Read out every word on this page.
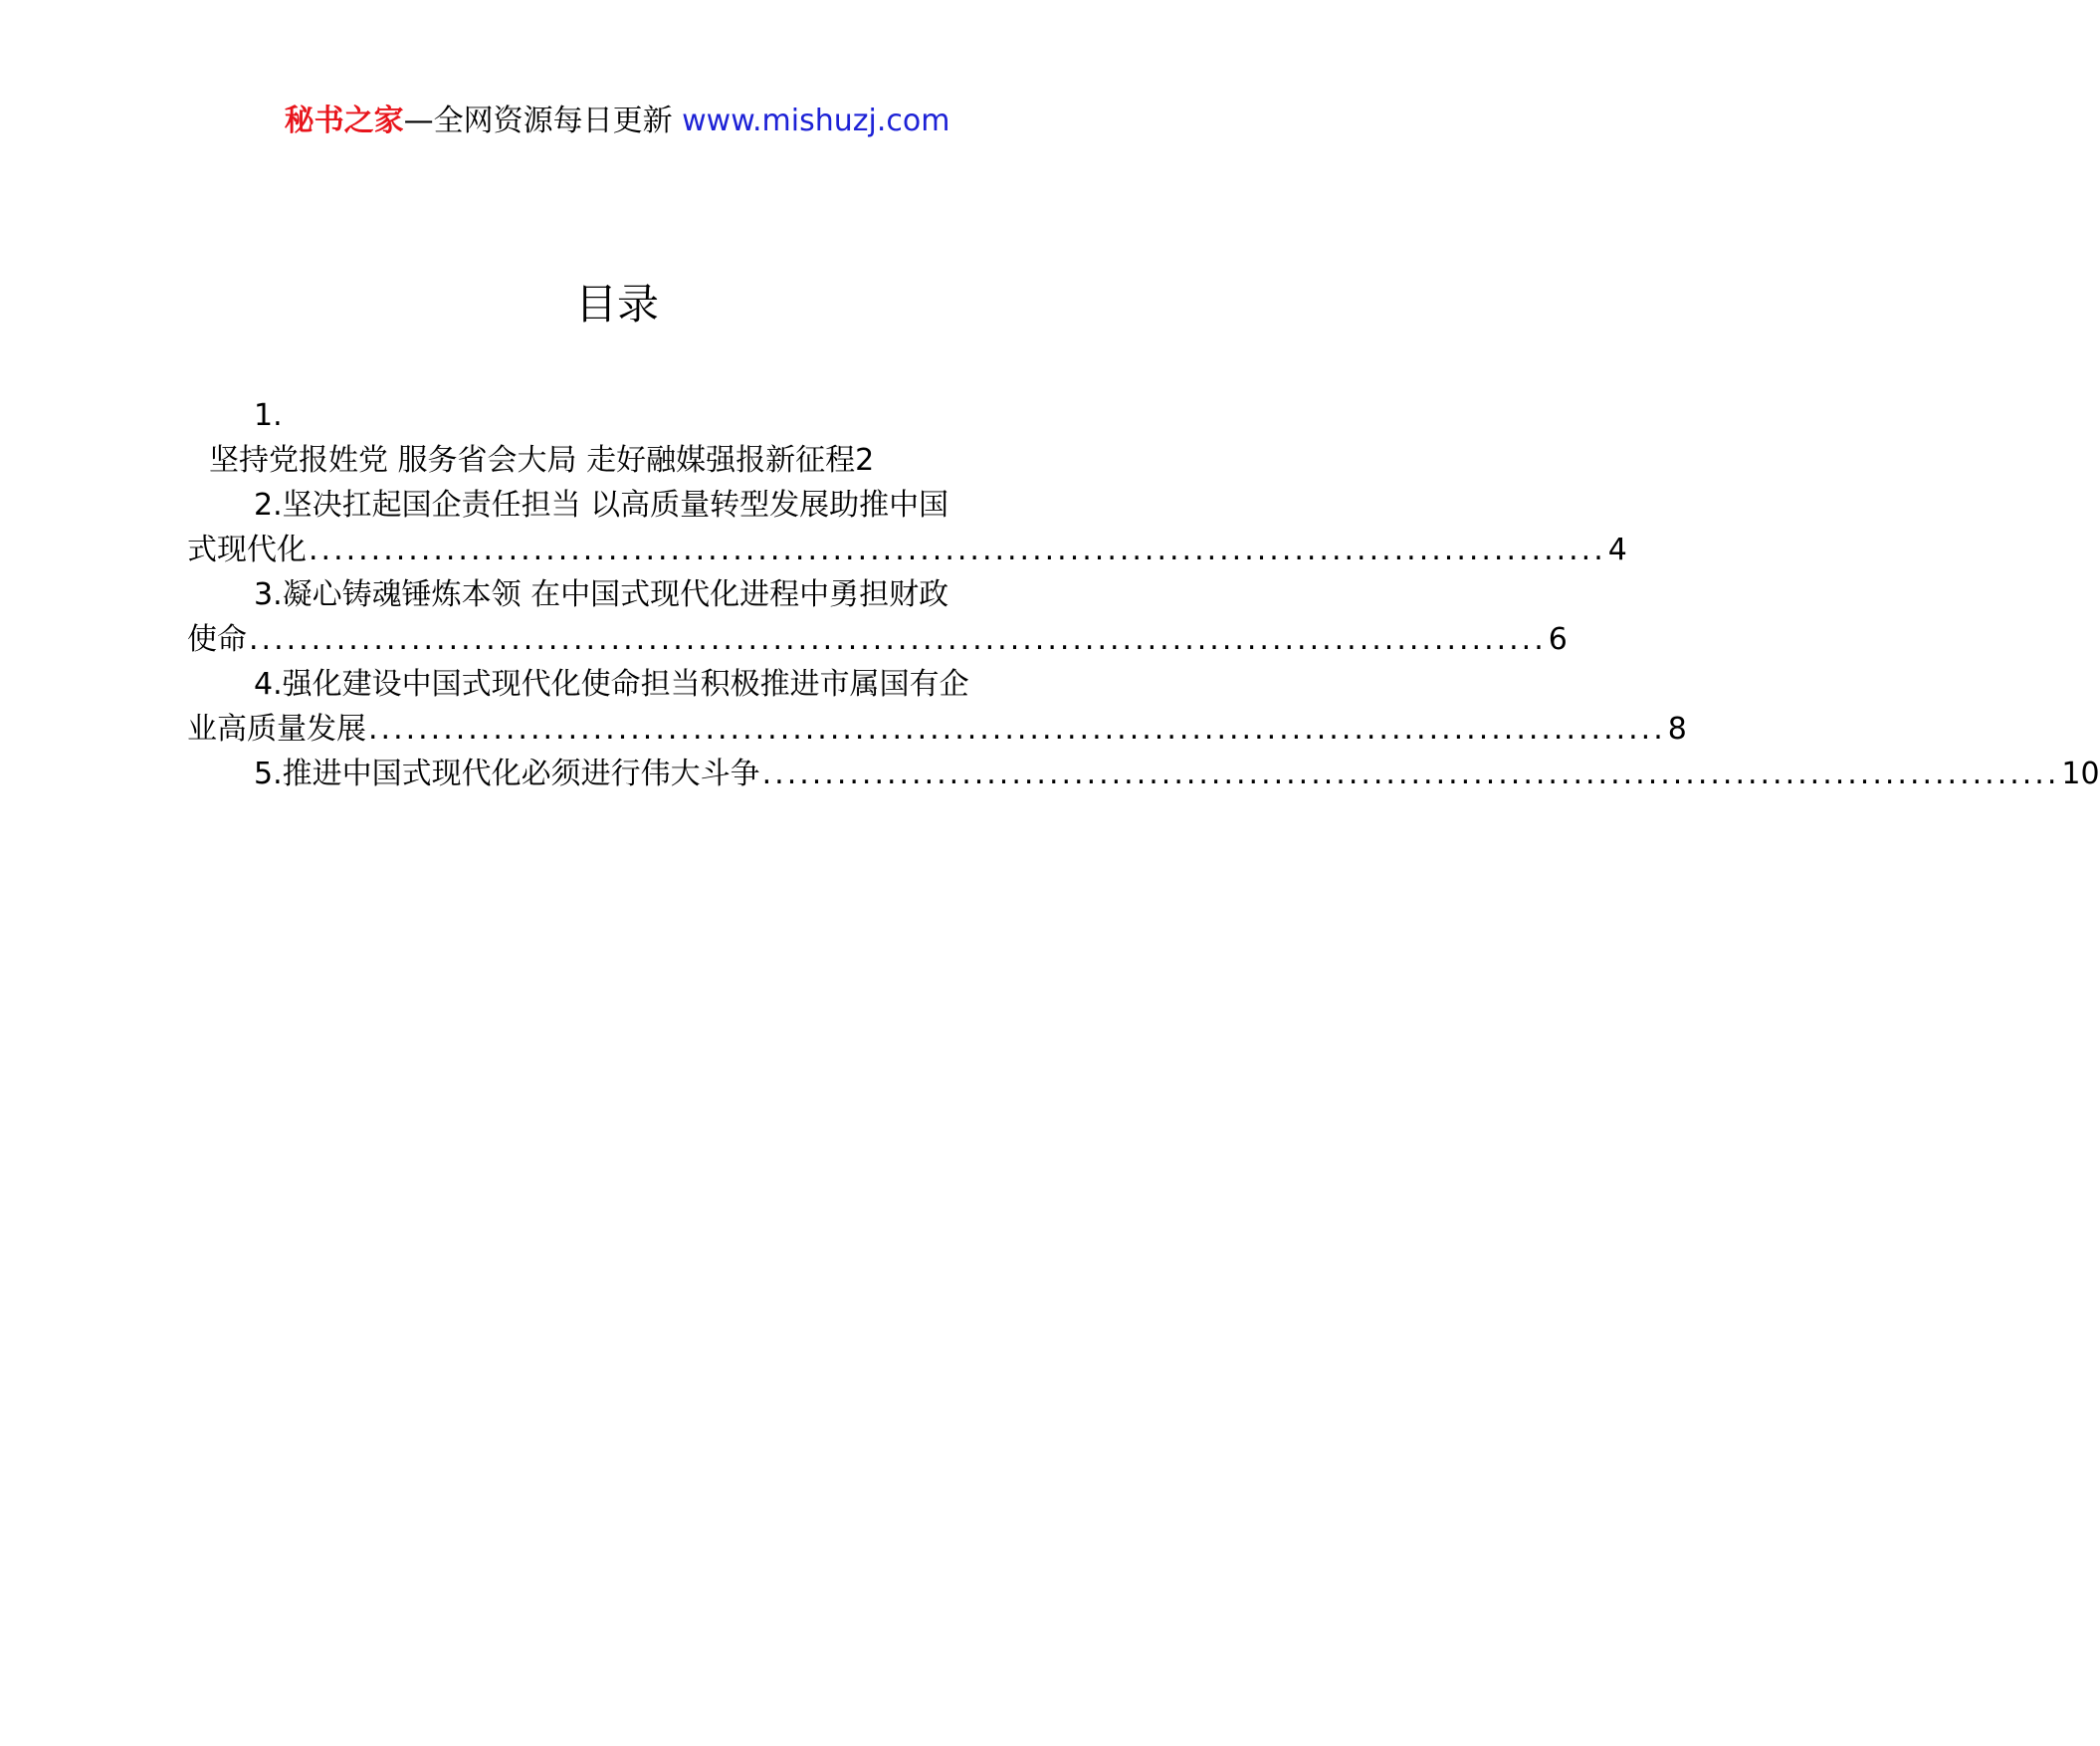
秘书之家—全网资源每日更新 www.mishuzj.com
目录
1.
坚持党报姓党 服务省会大局 走好融媒强报新征程 2
2.坚决扛起国企责任担当 以高质量转型发展助推中国
式现代化 ........................................................................................................ 4
3.凝心铸魂锤炼本领 在中国式现代化进程中勇担财政
使命 ........................................................................................................ 6
4.强化建设中国式现代化使命担当积极推进市属国有企
业高质量发展 ........................................................................................................ 8
5.推进中国式现代化必须进行伟大斗争 ........................................................................................................ 10
